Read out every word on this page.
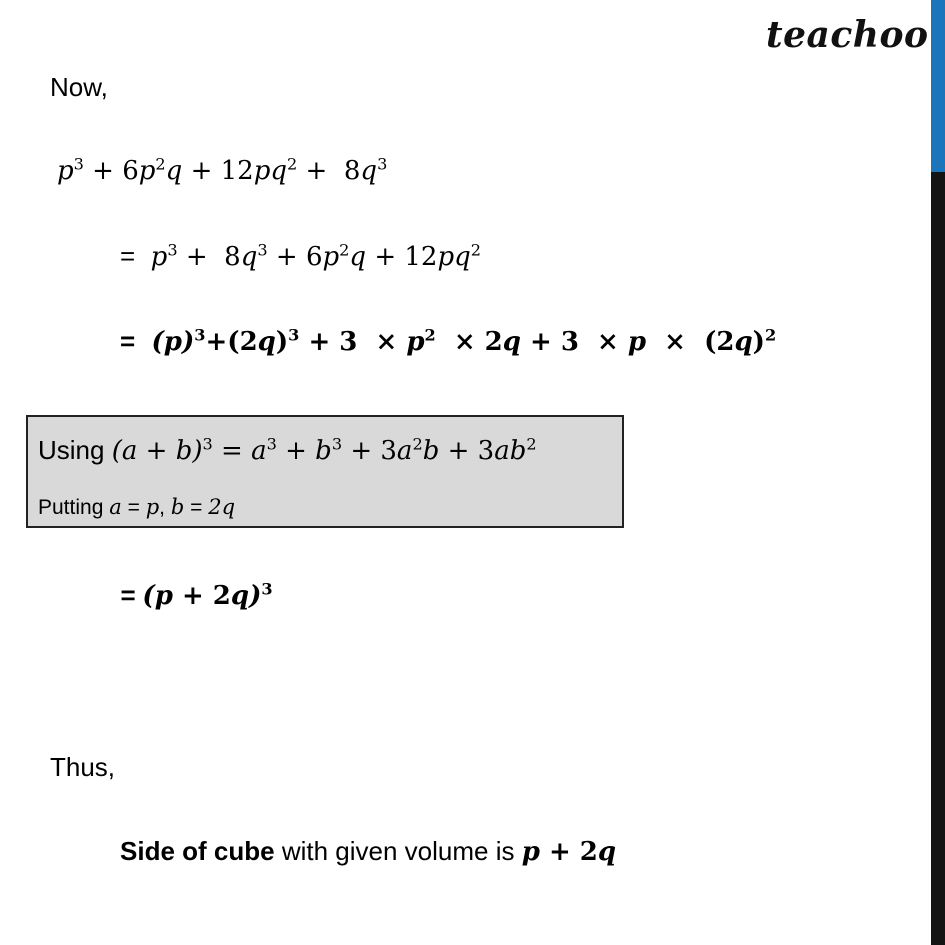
teachoo
Now,
$p^3 + 6p^2q + 12pq^2 + 8q^3$
=  $p^3 + 8q^3 + 6p^2q + 12pq^2$
=  $(p)^3+(2q)^3 + 3 \times p^2 \times 2q + 3 \times p \times (2q)^2$
Using $(a + b)^3 = a^3 + b^3 + 3a^2b + 3ab^2$
Putting a = p, b = 2q
= $(p + 2q)^3$
Thus,
Side of cube with given volume is p + 2q
